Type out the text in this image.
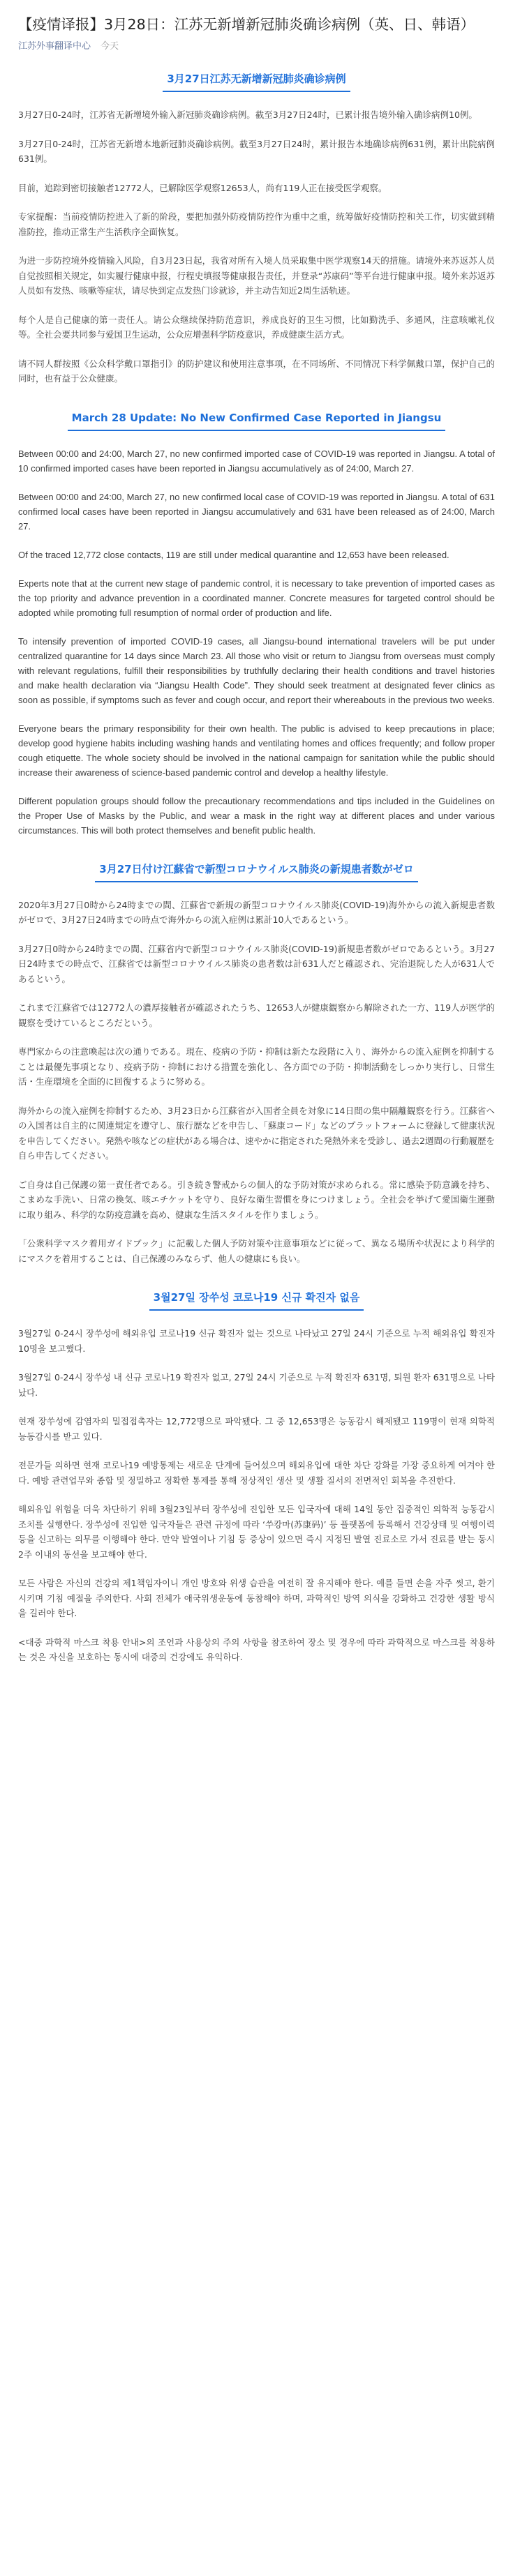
【疫情译报】3月28日：江苏无新增新冠肺炎确诊病例（英、日、韩语）
江苏外事翻译中心 今天
3月27日江苏无新增新冠肺炎确诊病例

3月27日0-24时，江苏省无新增境外输入新冠肺炎确诊病例。截至3月27日24时，已累计报告境外输入确诊病例10例。

3月27日0-24时，江苏省无新增本地新冠肺炎确诊病例。截至3月27日24时，累计报告本地确诊病例631例，累计出院病例631例。

目前，追踪到密切接触者12772人，已解除医学观察12653人，尚有119人正在接受医学观察。

专家提醒：当前疫情防控进入了新的阶段，要把加强外防疫情防控作为重中之重，统筹做好疫情防控和关工作，切实做到精准防控，推动正常生产生活秩序全面恢复。

为进一步防控境外疫情输入风险，自3月23日起，我省对所有入境人员采取集中医学观察14天的措施。请境外来苏返苏人员自觉按照相关规定，如实履行健康申报，行程史填报等健康报告责任，并登录“苏康码”等平台进行健康申报。境外来苏返苏人员如有发热、咳嗽等症状，请尽快到定点发热门诊就诊，并主动告知近2周生活轨迹。

每个人是自己健康的第一责任人。请公众继续保持防范意识，养成良好的卫生习惯，比如勤洗手、多通风，注意咳嗽礼仪等。全社会要共同参与爱国卫生运动，公众应增强科学防疫意识，养成健康生活方式。

请不同人群按照《公众科学戴口罩指引》的防护建议和使用注意事项，在不同场所、不同情况下科学佩戴口罩，保护自己的同时，也有益于公众健康。

March 28 Update: No New Confirmed Case Reported in Jiangsu

Between 00:00 and 24:00, March 27, no new confirmed imported case of COVID-19 was reported in Jiangsu. A total of 10 confirmed imported cases have been reported in Jiangsu accumulatively as of 24:00, March 27.

Between 00:00 and 24:00, March 27, no new confirmed local case of COVID-19 was reported in Jiangsu. A total of 631 confirmed local cases have been reported in Jiangsu accumulatively and 631 have been released as of 24:00, March 27.

Of the traced 12,772 close contacts, 119 are still under medical quarantine and 12,653 have been released.

Experts note that at the current new stage of pandemic control, it is necessary to take prevention of imported cases as the top priority and advance prevention in a coordinated manner. Concrete measures for targeted control should be adopted while promoting full resumption of normal order of production and life.

To intensify prevention of imported COVID-19 cases, all Jiangsu-bound international travelers will be put under centralized quarantine for 14 days since March 23. All those who visit or return to Jiangsu from overseas must comply with relevant regulations, fulfill their responsibilities by truthfully declaring their health conditions and travel histories and make health declaration via “Jiangsu Health Code”. They should seek treatment at designated fever clinics as soon as possible, if symptoms such as fever and cough occur, and report their whereabouts in the previous two weeks.

Everyone bears the primary responsibility for their own health. The public is advised to keep precautions in place; develop good hygiene habits including washing hands and ventilating homes and offices frequently; and follow proper cough etiquette. The whole society should be involved in the national campaign for sanitation while the public should increase their awareness of science-based pandemic control and develop a healthy lifestyle.

Different population groups should follow the precautionary recommendations and tips included in the Guidelines on the Proper Use of Masks by the Public, and wear a mask in the right way at different places and under various circumstances. This will both protect themselves and benefit public health.

3月27日付け江蘇省で新型コロナウイルス肺炎の新規患者数がゼロ

2020年3月27日0時から24時までの間、江蘇省で新規の新型コロナウイルス肺炎(COVID-19)海外からの流入新規患者数がゼロで、3月27日24時までの時点で海外からの流入症例は累計10人であるという。

3月27日0時から24時までの間、江蘇省内で新型コロナウイルス肺炎(COVID-19)新規患者数がゼロであるという。3月27日24時までの時点で、江蘇省では新型コロナウイルス肺炎の患者数は計631人だと確認され、完治退院した人が631人であるという。

これまで江蘇省では12772人の濃厚接触者が確認されたうち、12653人が健康観察から解除された一方、119人が医学的観察を受けているところだという。

専門家からの注意喚起は次の通りである。現在、疫病の予防・抑制は新たな段階に入り、海外からの流入症例を抑制することは最優先事項となり、疫病予防・抑制における措置を強化し、各方面での予防・抑制活動をしっかり実行し、日常生活・生産環境を全面的に回復するように努める。

海外からの流入症例を抑制するため、3月23日から江蘇省が入国者全員を対象に14日間の集中隔離観察を行う。江蘇省への入国者は自主的に関連規定を遵守し、旅行歴などを申告し、「蘇康コード」などのプラットフォームに登録して健康状況を申告してください。発熱や咳などの症状がある場合は、速やかに指定された発熱外来を受診し、過去2週間の行動履歴を自ら申告してください。

ご自身は自己保護の第一責任者である。引き続き警戒からの個人的な予防対策が求められる。常に感染予防意識を持ち、こまめな手洗い、日常の換気、咳エチケットを守り、良好な衛生習慣を身につけましょう。全社会を挙げて愛国衛生運動に取り組み、科学的な防疫意識を高め、健康な生活スタイルを作りましょう。

「公衆科学マスク着用ガイドブック」に記載した個人予防対策や注意事項などに従って、異なる場所や状況により科学的にマスクを着用することは、自己保護のみならず、他人の健康にも良い。

3월27일 장쑤성 코로나19 신규 확진자 없음

3월27일 0-24시 장쑤성에 해외유입 코로나19 신규 확진자 없는 것으로 나타났고 27일 24시 기준으로 누적 해외유입 확진자 10명을 보고했다.

3월27일 0-24시 장쑤성 내 신규 코로나19 확진자 없고, 27일 24시 기준으로 누적 확진자 631명, 퇴원 환자 631명으로 나타났다.

현재 장쑤성에 감염자의 밀접접촉자는 12,772명으로 파악됐다. 그 중 12,653명은 능동감시 해제됐고 119명이 현재 의학적 능동감시를 받고 있다.

전문가들 의하면 현재 코로나19 예방통제는 새로운 단계에 들어섰으며 해외유입에 대한 차단 강화를 가장 중요하게 여겨야 한다. 예방 관련업무와 종합 및 정밀하고 정확한 통제를 통해 정상적인 생산 및 생활 질서의 전면적인 회복을 추진한다.

해외유입 위험을 더욱 차단하기 위해 3월23일부터 장쑤성에 진입한 모든 입국자에 대해 14일 동안 집중적인 의학적 능동감시 조치를 실행한다. 장쑤성에 진입한 입국자들은 관련 규정에 따라 ‘쑤캉마(苏康码)’ 등 플랫폼에 등록해서 건강상태 및 여행이력 등을 신고하는 의무를 이행해야 한다. 만약 발열이나 기침 등 증상이 있으면 즉시 지정된 발열 진료소로 가서 진료를 받는 동시 2주 이내의 동선을 보고해야 한다.

모든 사람은 자신의 건강의 제1책임자이니 개인 방호와 위생 습관을 여전히 잘 유지해야 한다. 예를 들면 손을 자주 씻고, 환기시키며 기침 예절을 주의한다. 사회 전체가 애국위생운동에 동참해야 하며, 과학적인 방역 의식을 강화하고 건강한 생활 방식을 길러야 한다.

<대중 과학적 마스크 착용 안내>의 조언과 사용상의 주의 사항을 참조하여 장소 및 경우에 따라 과학적으로 마스크를 착용하는 것은 자신을 보호하는 동시에 대중의 건강에도 유익하다.
